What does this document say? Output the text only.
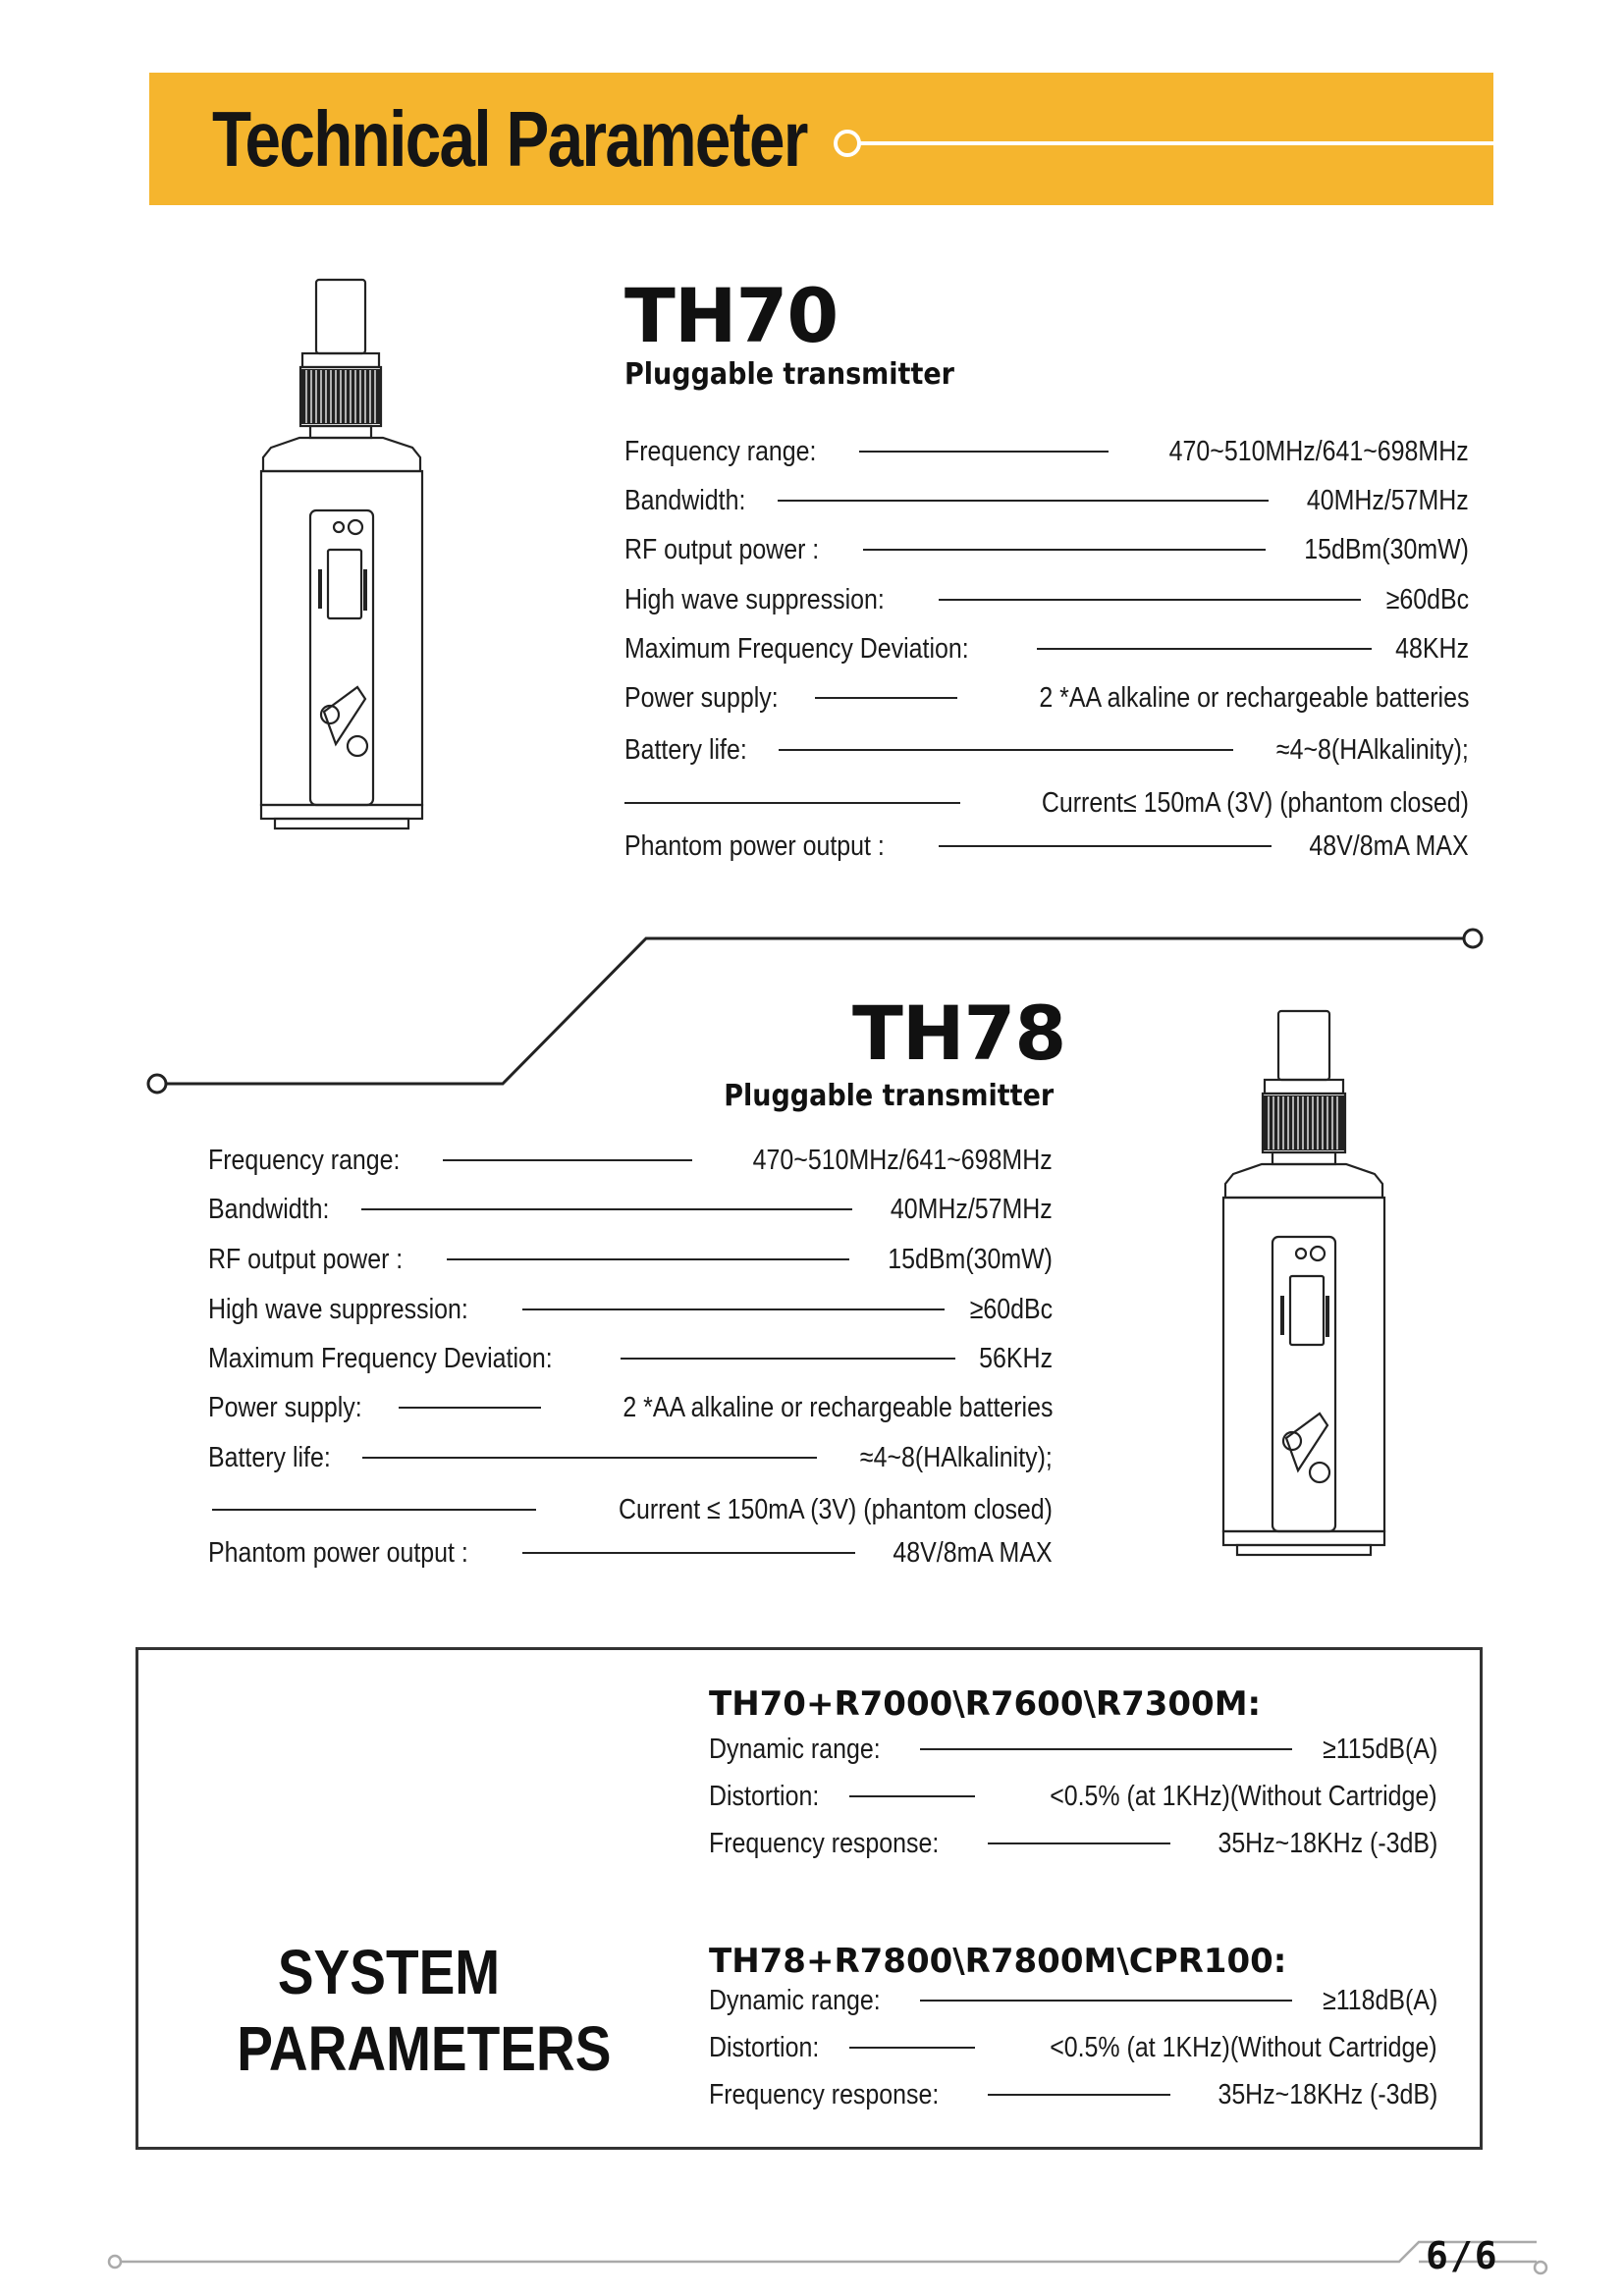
Technical Parameter
TH70
Pluggable transmitter
Frequency range:	470~510MHz/641~698MHz
Bandwidth:	40MHz/57MHz
RF output power :	15dBm(30mW)
High wave suppression:	≥60dBc
Maximum Frequency Deviation:	48KHz
Power supply:	2 *AA alkaline or rechargeable batteries
Battery life:	≈4~8(HAlkalinity);
Current≤ 150mA (3V) (phantom closed)
Phantom power output :	48V/8mA MAX
TH78
Pluggable transmitter
Frequency range:	470~510MHz/641~698MHz
Bandwidth:	40MHz/57MHz
RF output power :	15dBm(30mW)
High wave suppression:	≥60dBc
Maximum Frequency Deviation:	56KHz
Power supply:	2 *AA alkaline or rechargeable batteries
Battery life:	≈4~8(HAlkalinity);
Current ≤ 150mA (3V) (phantom closed)
Phantom power output :	48V/8mA MAX
SYSTEM
PARAMETERS
TH70+R7000\R7600\R7300M:
Dynamic range:	≥115dB(A)
Distortion:	<0.5% (at 1KHz)(Without Cartridge)
Frequency response:	35Hz~18KHz (-3dB)
TH78+R7800\R7800M\CPR100:
Dynamic range:	≥118dB(A)
Distortion:	<0.5% (at 1KHz)(Without Cartridge)
Frequency response:	35Hz~18KHz (-3dB)
6/6
